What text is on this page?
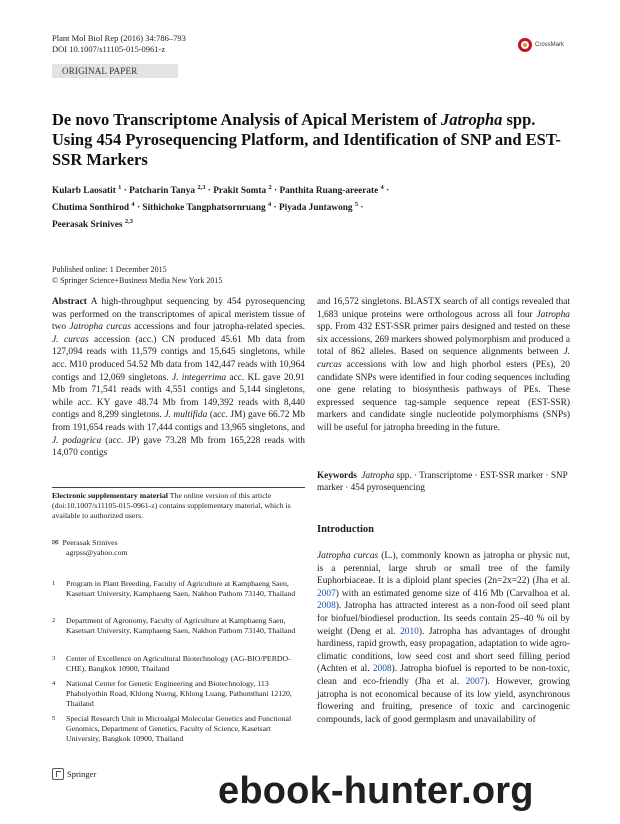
Plant Mol Biol Rep (2016) 34:786–793
DOI 10.1007/s11105-015-0961-z	CrossMark
ORIGINAL PAPER
De novo Transcriptome Analysis of Apical Meristem of Jatropha spp. Using 454 Pyrosequencing Platform, and Identification of SNP and EST-SSR Markers
Kularb Laosatit $^1$ · Patcharin Tanya $^{2,3}$ · Prakit Somta $^2$ · Panthita Ruang-areerate $^4$ ·
Chutima Sonthirod $^4$ · Sithichoke Tangphatsornruang $^4$ · Piyada Juntawong $^5$ ·
Peerasak Srinives $^{2,3}$
Published online: 1 December 2015
© Springer Science+Business Media New York 2015
Abstract A high-throughput sequencing by 454 pyrosequencing was performed on the transcriptomes of apical meristem tissue of two Jatropha curcas accessions and four jatropha-related species. J. curcas accession (acc.) CN produced 45.61 Mb data from 127,094 reads with 11,579 contigs and 15,645 singletons, while acc. M10 produced 54.52 Mb data from 142,447 reads with 10,964 contigs and 12,069 singletons. J. integerrima acc. KL gave 20.91 Mb from 71,541 reads with 4,551 contigs and 5,144 singletons, while acc. KY gave 48.74 Mb from 149,392 reads with 8,440 contigs and 8,299 singletons. J. multifida (acc. JM) gave 66.72 Mb from 191,654 reads with 17,444 contigs and 13,965 singletons, and J. podagrica (acc. JP) gave 73.28 Mb from 165,228 reads with 14,070 contigs
Electronic supplementary material The online version of this article (doi:10.1007/s11105-015-0961-z) contains supplementary material, which is available to authorized users.
✉ Peerasak Srinives
agrpss@yahoo.com
1	Program in Plant Breeding, Faculty of Agriculture at Kamphaeng Saen, Kasetsart University, Kamphaeng Saen, Nakhon Pathom 73140, Thailand
2	Department of Agronomy, Faculty of Agriculture at Kamphaeng Saen, Kasetsart University, Kamphaeng Saen, Nakhon Pathom 73140, Thailand
3	Center of Excellence on Agricultural Biotechnology (AG-BIO/PERDO-CHE), Bangkok 10900, Thailand
4	National Center for Genetic Engineering and Biotechnology, 113 Phaholyothin Road, Khlong Nueng, Khlong Luang, Pathumthani 12120, Thailand
5	Special Research Unit in Microalgal Molecular Genetics and Functional Genomics, Department of Genetics, Faculty of Science, Kasetsart University, Bangkok 10900, Thailand
and 16,572 singletons. BLASTX search of all contigs revealed that 1,683 unique proteins were orthologous across all four Jatropha spp. From 432 EST-SSR primer pairs designed and tested on these six accessions, 269 markers showed polymorphism and produced a total of 862 alleles. Based on sequence alignments between J. curcas accessions with low and high phorbol esters (PEs), 20 candidate SNPs were identified in four coding sequences including one gene relating to biosynthesis pathways of PEs. These expressed sequence tag-sample sequence repeat (EST-SSR) markers and candidate single nucleotide polymorphisms (SNPs) will be useful for jatropha breeding in the future.
Keywords Jatropha spp. · Transcriptome · EST-SSR marker · SNP marker · 454 pyrosequencing
Introduction
Jatropha curcas (L.), commonly known as jatropha or physic nut, is a perennial, large shrub or small tree of the family Euphorbiaceae. It is a diploid plant species (2n=2x=22) (Jha et al. 2007) with an estimated genome size of 416 Mb (Carvalhoa et al. 2008). Jatropha has attracted interest as a non-food oil seed plant for biofuel/biodiesel production. Its seeds contain 25–40 % oil by weight (Deng et al. 2010). Jatropha has advantages of drought hardiness, rapid growth, easy propagation, adaptation to wide agro-climatic conditions, low seed cost and short seed filling period (Achten et al. 2008). Jatropha biofuel is reported to be non-toxic, clean and eco-friendly (Jha et al. 2007). However, growing jatropha is not economical because of its low yield, asynchronous flowering and fruiting, presence of toxic and carcinogenic compounds, lack of good germplasm and unavailability of
Springer	ebook-hunter.org
